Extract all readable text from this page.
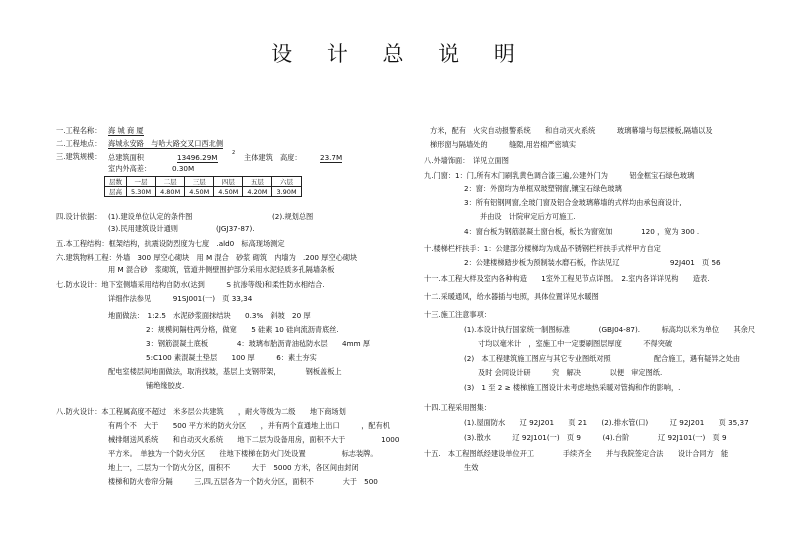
设 计 总 说 明
一.工程名称： 海 城 商 厦
二.工程地点： 海城永安路　与哈大路交叉口西北侧
三.建筑规模： 总建筑面积	13496.29M	2 主体建筑　高度：	23.7M
室内外高差：	0.30M
层数	一层	二层	三层	四层	五层	六层
层高	5.30M	4.80M	4.50M	4.50M	4.20M	3.90M
四.设计依据： (1).建设单位认定的条件图	(2).规划总图
(3).民用建筑设计通则	(JGJ37-87).
五.本工程结构：框架结构，抗震设防烈度为七度　.ald0　标高现场测定
六.建筑物料工程：外墙　300 厚空心砌块　用 M 混合　砂浆 砌筑　内墙为　.200 厚空心砌块
用 M 混合砂　浆砌筑，管道井侧壁围护部分采用水泥轻质多孔隔墙条板
七.防水设计：地下室侧墙采用结构自防水(达到　　　S 抗渗等级)和柔性防水相结合.
详细作法参见　　　91SJ001(一)　页 33,34
地面做法：　1:2.5　水泥砂浆面抹结块　　0.3%　斜坡　20 厚
2：规模间隔柱两分格，做宽　　5 硅素 10 硅向流沥青底丝.
3：钢筋混凝土底板　　　　4：玻璃布胎沥青油毡防水层　　4mm 厚
5:C100 素混凝土垫层　　100 厚　　　6：素土夯实
配电室楼层间地面做法，取消找坡，基层上支钢带架，　　　　钢板盖板上
铺绝缘胶皮.
八.防火设计：本工程属高度不超过　米多层公共建筑　　，耐火等级为二级　　地下商场划
有两个不　大于　　500 平方米的防火分区　　，并有两个直通地上出口　　　，配有机
械排烟送风系统　　和自动灭火系统　　地下二层为设备用房，面积不大于　　　　　1000
平方米。　单独为一个防火分区　　往地下楼梯在防火门处设置　　　　　标志装牌。
地上一，二层为一个防火分区，面积不　　　大于　5000 方米，各区间由封闭
楼梯和防火卷帘分隔　　　三,四,五层各为一个防火分区，面积不　　　　大于　500
方米，配有　火灾自动报警系统　　和自动灭火系统　　　玻璃幕墙与每层楼板,隔墙以及
梯形窗与隔墙处的　　　缝隙,用岩棉严密填实
八.外墙饰面：　详见立面图
九.门窗：1：门,所有木门刷乳黄色调合漆三遍,公建外门为　　　铝金框宝石绿色玻璃
2：窗：外窗均为单框双玻塑钢窗,镶宝石绿色玻璃
3：所有铝钢网窗,全玻门窗及铝合金玻璃幕墙的式样均由承包商设计,
并由设　计院审定后方可施工.
4：窗台板为钢筋混凝土窗台板，板长为窗宽加　　　　120 ，宽为 300 .
十.楼梯栏杆扶手：1：公建部分楼梯均为成品不锈钢栏杆扶手式样甲方自定
2：公建楼梯踏步板为预制装水磨石板，作法见辽　　　　　　　92J401　页 56
十一.本工程大样及室内各种构造　　1室外工程见节点详图。　2.室内各详详见构　　造表.
十二.采暖通风，给水器插与电照，具体位置详见水暖图
十三.施工注意事项：
(1).本设计执行国家统一制图标准　　　　(GBJ04-87).　　　标高均以米为单位　　其余尺
寸均以毫米计　，室施工中一定要刷图层厚度　　　不得突破
(2)　本工程建筑施工图应与其它专业图纸对照　　　　　　配合施工，遇有疑异之处由
及时 会同设计研　　　究　解决　　　　以便　审定图纸.
(3)　1 至 2 ≥ 楼梯施工图设计未考虑地热采暖对管掏和作的影响，.
十四.工程采用图集：
(1).屋面防水　　辽 92J201　　页 21　　(2).排水管(口)　　　辽 92J201　　页 35,37
(3).散水　　　辽 92J101(一)　页 9　　　(4).台阶　　　　辽 92J101(一)　页 9
十五.　本工程图纸经建设单位开工　　　　手续齐全　　并与我院签定合法　　设计合同方　能
生效
